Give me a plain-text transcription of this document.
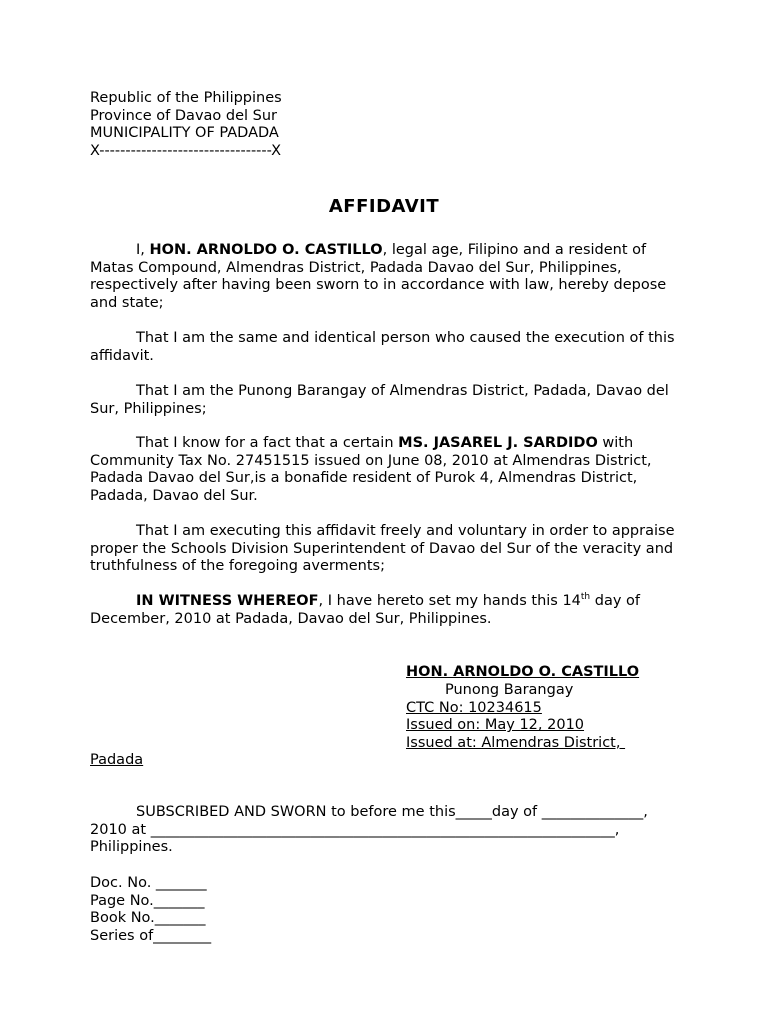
Republic of the Philippines
Province of Davao del Sur
MUNICIPALITY OF PADADA
X---------------------------------X
AFFIDAVIT

I, HON. ARNOLDO O. CASTILLO, legal age, Filipino and a resident of Matas Compound, Almendras District, Padada Davao del Sur, Philippines, respectively after having been sworn to in accordance with law, hereby depose and state;

That I am the same and identical person who caused the execution of this affidavit.

That I am the Punong Barangay of Almendras District, Padada, Davao del Sur, Philippines;

That I know for a fact that a certain MS. JASAREL J. SARDIDO with Community Tax No. 27451515 issued on June 08, 2010 at Almendras District, Padada Davao del Sur,is a bonafide resident of Purok 4, Almendras District, Padada, Davao del Sur.

That I am executing this affidavit freely and voluntary in order to appraise proper the Schools Division Superintendent of Davao del Sur of the veracity and truthfulness of the foregoing averments;

IN WITNESS WHEREOF, I have hereto set my hands this 14th day of December, 2010 at Padada, Davao del Sur, Philippines.

HON. ARNOLDO O. CASTILLO
Punong Barangay
CTC No: 10234615
Issued on: May 12, 2010
Issued at: Almendras District,
Padada
SUBSCRIBED AND SWORN to before me this_____day of ______________,
2010 at ________________________________________________________________,
Philippines.
Doc. No. _______
Page No._______
Book No._______
Series of________
